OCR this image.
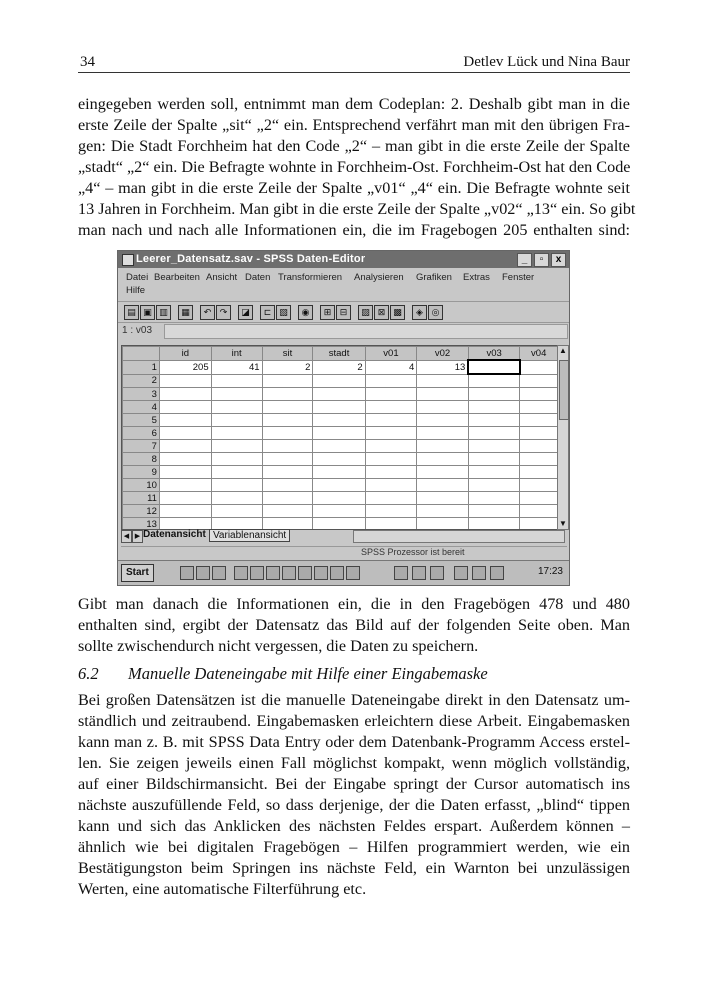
34	Detlev Lück und Nina Baur
eingegeben werden soll, entnimmt man dem Codeplan: 2. Deshalb gibt man in die
erste Zeile der Spalte „sit“ „2“ ein. Entsprechend verfährt man mit den übrigen Fra-
gen: Die Stadt Forchheim hat den Code „2“ – man gibt in die erste Zeile der Spalte
„stadt“ „2“ ein. Die Befragte wohnte in Forchheim-Ost. Forchheim-Ost hat den Code
„4“ – man gibt in die erste Zeile der Spalte „v01“ „4“ ein. Die Befragte wohnte seit
13 Jahren in Forchheim. Man gibt in die erste Zeile der Spalte „v02“ „13“ ein. So gibt
man nach und nach alle Informationen ein, die im Fragebogen 205 enthalten sind:
Leerer_Datensatz.sav - SPSS Daten-Editor	_	▫	x
Datei Bearbeiten Ansicht Daten Transformieren Analysieren Grafiken Extras Fenster
Hilfe
▤ ▣ ▥	▦	↶ ↷	◪	⊏ ▧	◉	⊞ ⊟	▨ ⊠ ▩	◈ ◎
1 : v03
	id	int	sit	stadt	v01	v02	v03	v04
1	205	41	2	2	4	13		
2								
3								
4								
5								
6								
7								
8								
9								
10								
11								
12								
13								
▲
▼
◀ ▶ Datenansicht Variablenansicht
SPSS Prozessor ist bereit
Start	17:23
Gibt man danach die Informationen ein, die in den Fragebögen 478 und 480
enthalten sind, ergibt der Datensatz das Bild auf der folgenden Seite oben. Man
sollte zwischendurch nicht vergessen, die Daten zu speichern.
6.2 Manuelle Dateneingabe mit Hilfe einer Eingabemaske
Bei großen Datensätzen ist die manuelle Dateneingabe direkt in den Datensatz um-
ständlich und zeitraubend. Eingabemasken erleichtern diese Arbeit. Eingabemasken
kann man z. B. mit SPSS Data Entry oder dem Datenbank-Programm Access erstel-
len. Sie zeigen jeweils einen Fall möglichst kompakt, wenn möglich vollständig,
auf einer Bildschirmansicht. Bei der Eingabe springt der Cursor automatisch ins
nächste auszufüllende Feld, so dass derjenige, der die Daten erfasst, „blind“ tippen
kann und sich das Anklicken des nächsten Feldes erspart. Außerdem können –
ähnlich wie bei digitalen Fragebögen – Hilfen programmiert werden, wie ein
Bestätigungston beim Springen ins nächste Feld, ein Warnton bei unzulässigen
Werten, eine automatische Filterführung etc.
